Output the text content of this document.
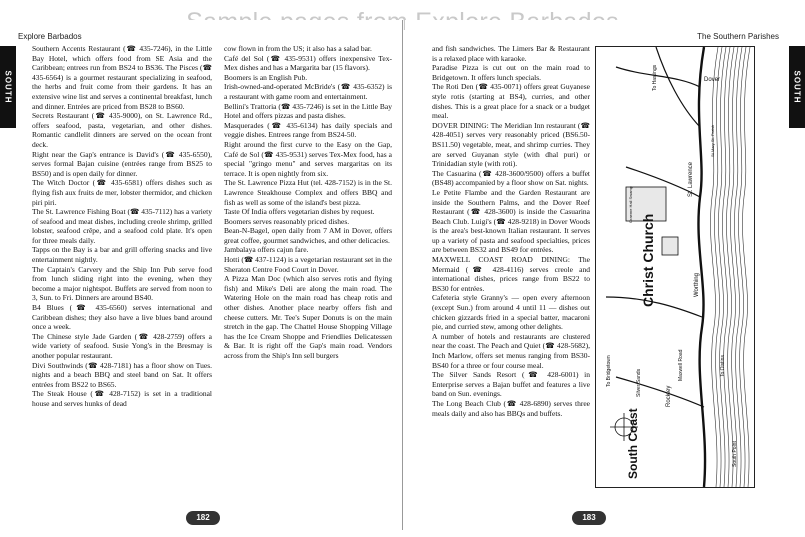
Explore Barbados
SOUTH

Southern Accents Restaurant (☎ 435-7246), in the Little Bay Hotel, which offers food from SE Asia and the Caribbean; entrees run from BS24 to BS36. The Pisces (☎ 435-6564) is a gourmet restaurant specializing in seafood, the herbs and fruit come from their gardens. It has an extensive wine list and serves a continental breakfast, lunch and dinner. Entrées are priced from BS28 to BS60.

Secrets Restaurant (☎ 435-9000), on St. Lawrence Rd., offers seafood, pasta, vegetarian, and other dishes. Romantic candlelit dinners are served on the ocean front deck.

Right near the Gap's entrance is David's (☎ 435-6550), serves formal Bajan cuisine (entrées range from BS25 to BS50) and is open daily for dinner.

The Witch Doctor (☎ 435-6581) offers dishes such as flying fish aux fruits de mer, lobster thermidor, and chicken piri piri.

The St. Lawrence Fishing Boat (☎ 435-7112) has a variety of seafood and meat dishes, including creole shrimp, grilled lobster, seafood crêpe, and a seafood cold plate. It's open for three meals daily.

Tapps on the Bay is a bar and grill offering snacks and live entertainment nightly.

The Captain's Carvery and the Ship Inn Pub serve food from lunch sliding right into the evening, when they become a major nightspot. Buffets are served from noon to 3, Sun. to Fri. Dinners are around BS40.

B4 Blues (☎ 435-6560) serves international and Caribbean dishes; they also have a live blues band around once a week.

The Chinese style Jade Garden (☎ 428-2759) offers a wide variety of seafood. Susie Yong's in the Bresmay is another popular restaurant.

Divi Southwinds (☎ 428-7181) has a floor show on Tues. nights and a beach BBQ and steel band on Sat. It offers entrées from BS22 to BS65.

The Steak House (☎ 428-7152) is set in a traditional house and serves hunks of dead

cow flown in from the US; it also has a salad bar.

Café del Sol (☎ 435-9531) offers inexpensive Tex-Mex dishes and has a Margarita bar (15 flavors).

Boomers is an English Pub.

Irish-owned-and-operated McBride's (☎ 435-6352) is a restaurant with game room and entertainment.

Bellini's Trattoria (☎ 435-7246) is set in the Little Bay Hotel and offers pizzas and pasta dishes.

Masquerades (☎ 435-6134) has daily specials and veggie dishes. Entrees range from BS24-50.

Right around the first curve to the Easy on the Gap, Café de Sol (☎ 435-9531) serves Tex-Mex food, has a special "gringo menu" and serves margaritas on its terrace. It is open nightly from six.

The St. Lawrence Pizza Hut (tel. 428-7152) is in the St. Lawrence Steakhouse Complex and offers BBQ and fish as well as some of the island's best pizza.

Taste Of India offers vegetarian dishes by request.

Boomers serves reasonably priced dishes.

Bean-N-Bagel, open daily from 7 AM in Dover, offers great coffee, gourmet sandwiches, and other delicacies.

Jambalaya offers cajun fare.

Hotti (☎ 437-1124) is a vegetarian restaurant set in the Sheraton Centre Food Court in Dover.

A Pizza Man Doc (which also serves rotis and flying fish) and Mike's Deli are along the main road. The Watering Hole on the main road has cheap rotis and other dishes. Another place nearby offers fish and cheese cutters. Mr. Tee's Super Donuts is on the main stretch in the gap. The Chattel House Shopping Village has the Ice Cream Shoppe and Friendlies Delicatessen & Bar. It is right off the Gap's main road. Vendors across from the Ship's Inn sell burgers

182
The Southern Parishes
SOUTH

and fish sandwiches. The Limers Bar & Restaurant is a relaxed place with karaoke.

Paradise Pizza is cut out on the main road to Bridgetown. It offers lunch specials.

The Roti Den (☎ 435-0071) offers great Guyanese style rotis (starting at BS4), curries, and other dishes. This is a great place for a snack or a budget meal.

DOVER DINING: The Meridian Inn restaurant (☎ 428-4051) serves very reasonably priced (BS6.50-BS11.50) vegetable, meat, and shrimp curries. They are served Guyanan style (with dhal puri) or Trinidadian style (with roti).

The Casuarina (☎ 428-3600/9500) offers a buffet (BS48) accompanied by a floor show on Sat. nights.

Le Petite Flambe and the Garden Restaurant are inside the Southern Palms, and the Dover Reef Restaurant (☎ 428-3600) is inside the Casuarina Beach Club. Luigi's (☎ 428-9218) in Dover Woods is the area's best-known Italian restaurant. It serves up a variety of pasta and seafood specialties, prices are between BS32 and BS49 for entrées.

MAXWELL COAST ROAD DINING: The Mermaid (☎ 428-4116) serves creole and international dishes, prices range from BS22 to BS30 for entrées.

Cafeteria style Granny's — open every afternoon (except Sun.) from around 4 until 11 — dishes out chicken gizzards fried in a special batter, macaroni pie, and curried stew, among other delights.

A number of hotels and restaurants are clustered near the coast. The Peach and Quiet (☎ 428-5682), Inch Marlow, offers set menus ranging from BS30-BS40 for a three or four course meal.

The Silver Sands Resort (☎ 428-6001) in Enterprise serves a Bajan buffet and features a live band on Sun. evenings.

The Long Beach Club (☎ 428-6890) serves three meals daily and also has BBQs and buffets.

Christ Church
South Coast
To Hastings	Dover
St. Lawrence
Worthing
Rockley
Silver Sands
To Oistins
South Point
To Bridgetown
Graeme Hall Swamp
Maxwell Road
St Mary St. Parish
183
